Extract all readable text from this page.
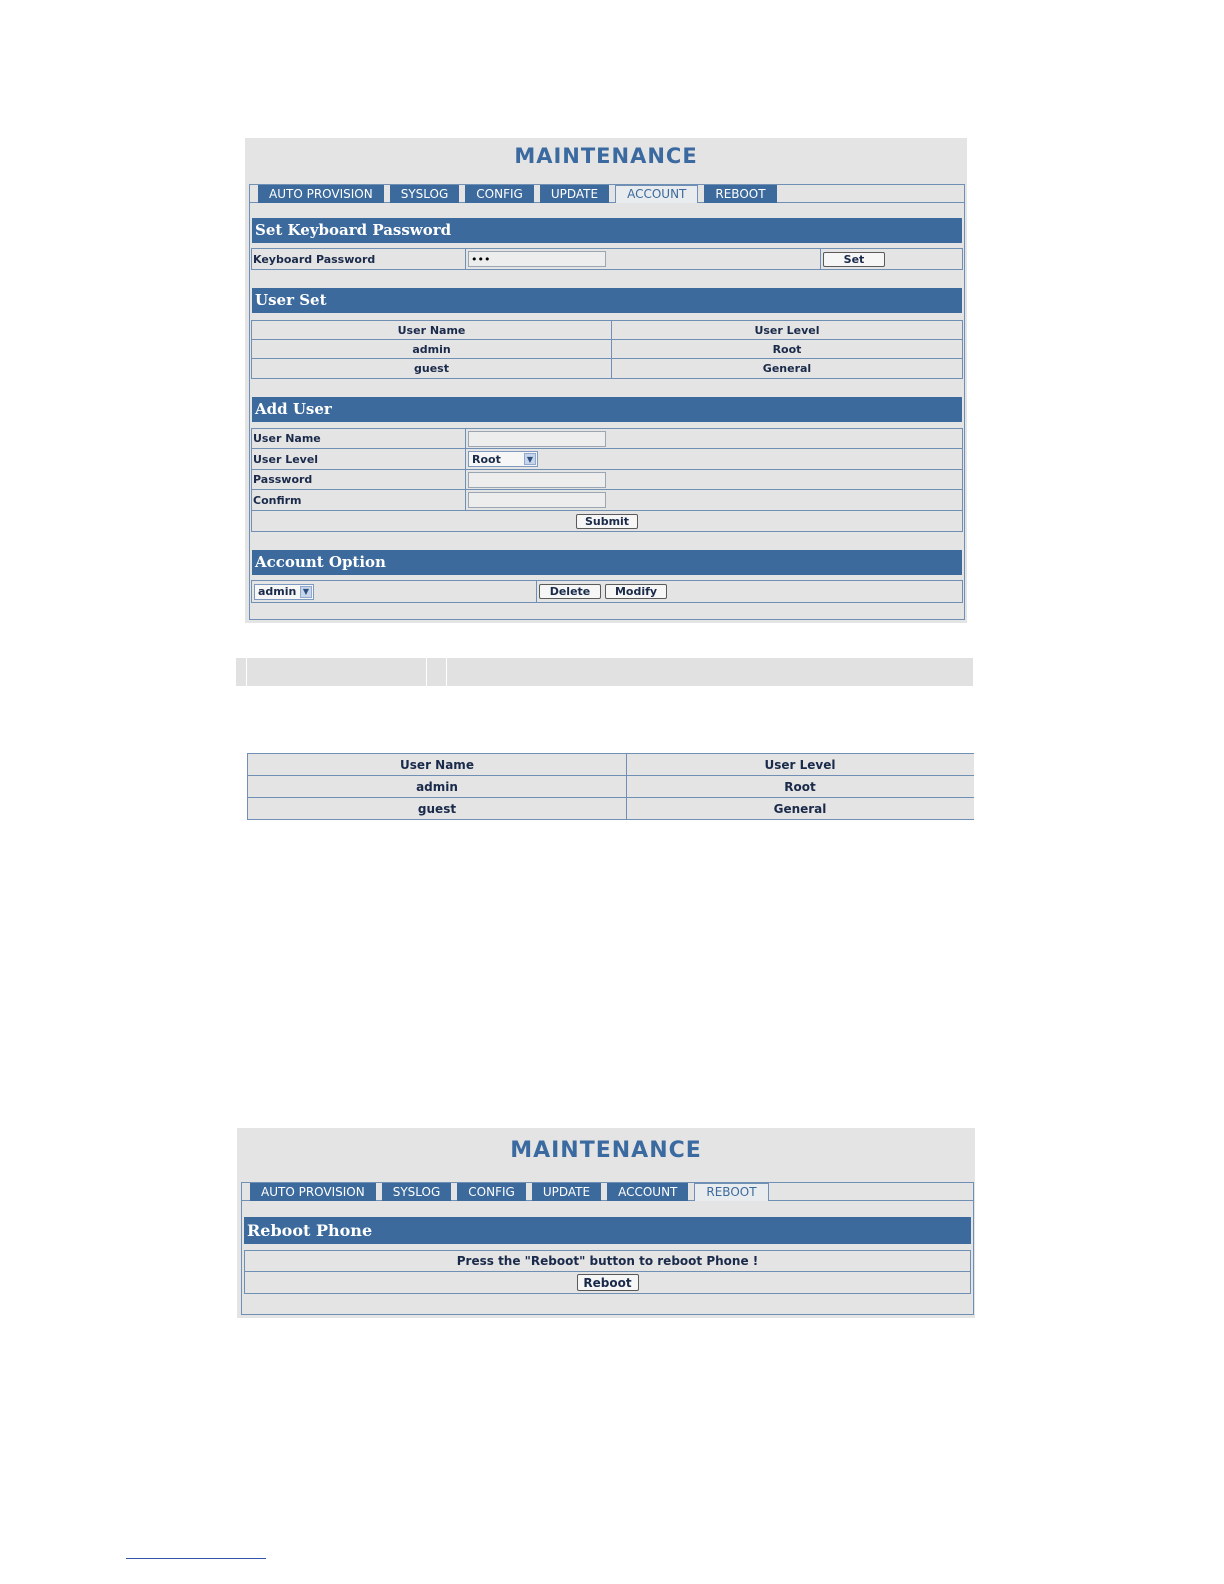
MAINTENANCE
AUTO PROVISION	SYSLOG	CONFIG	UPDATE	ACCOUNT	REBOOT
Set Keyboard Password
Keyboard Password
•••	Set
User Set
User Name	User Level
admin	Root
guest	General
Add User
User Name
User Level	Root	▼
Password
Confirm
Submit
Account Option
admin ▼	Delete	Modify
User Name	User Level
admin	Root
guest	General
MAINTENANCE
AUTO PROVISION	SYSLOG	CONFIG	UPDATE	ACCOUNT	REBOOT
Reboot Phone
Press the "Reboot" button to reboot Phone !
Reboot
